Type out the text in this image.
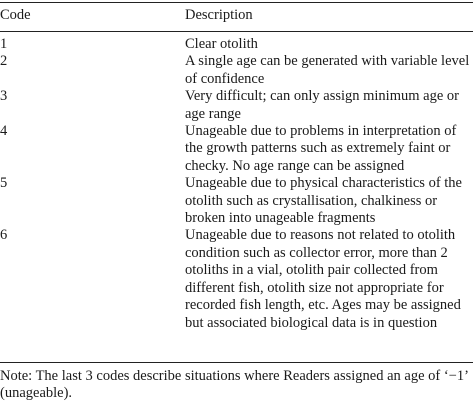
Code	Description
1	Clear otolith
2	A single age can be generated with variable level of confidence
3	Very difficult; can only assign minimum age or age range
4	Unageable due to problems in interpretation of the growth patterns such as extremely faint or checky. No age range can be assigned
5	Unageable due to physical characteristics of the otolith such as crystallisation, chalkiness or broken into unageable fragments
6	Unageable due to reasons not related to otolith condition such as collector error, more than 2 otoliths in a vial, otolith pair collected from different fish, otolith size not appropriate for recorded fish length, etc. Ages may be assigned but associated biological data is in question
Note: The last 3 codes describe situations where Readers assigned an age of ‘−1’ (unageable).
